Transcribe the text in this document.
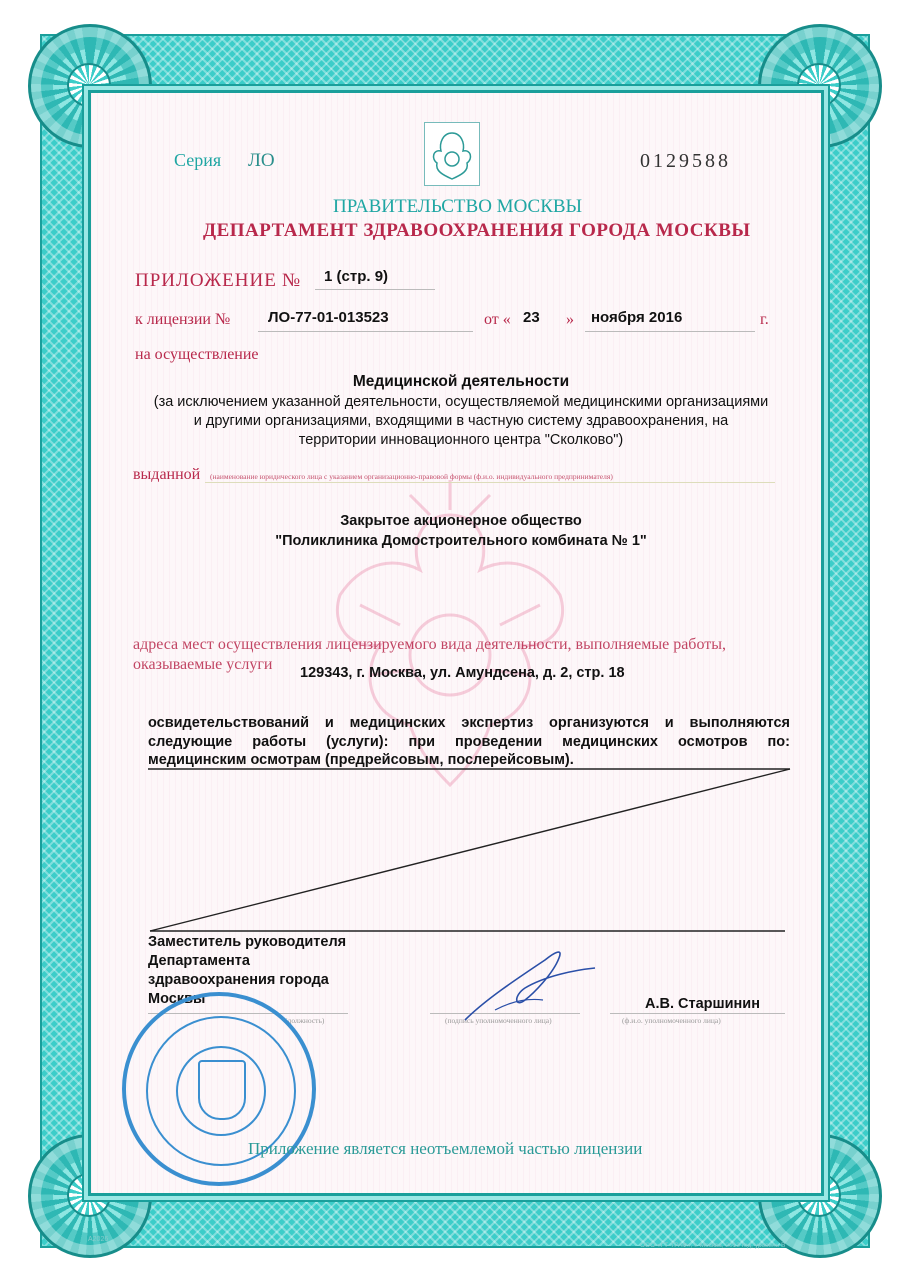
Серия ЛО	0129588
ПРАВИТЕЛЬСТВО МОСКВЫ
ДЕПАРТАМЕНТ ЗДРАВООХРАНЕНИЯ ГОРОДА МОСКВЫ
ПРИЛОЖЕНИЕ № 1 (стр. 9)
к лицензии №	ЛО-77-01-013523	от « 23 » ноября 2016	г.
на осуществление
Медицинской деятельности
(за исключением указанной деятельности, осуществляемой медицинскими организациями
и другими организациями, входящими в частную систему здравоохранения, на
территории инновационного центра "Сколково")
выданной (наименование юридического лица с указанием организационно-правовой формы (ф.и.о. индивидуального предпринимателя)
Закрытое акционерное общество
"Поликлиника Домостроительного комбината № 1"
адреса мест осуществления лицензируемого вида деятельности, выполняемые работы,
оказываемые услуги 129343, г. Москва, ул. Амундсена, д. 2, стр. 18
освидетельствований и медицинских экспертиз организуются и выполняются
следующие работы (услуги): при проведении медицинских осмотров по:
медицинским осмотрам (предрейсовым, послерейсовым).
Заместитель руководителя
Департамента
здравоохранения города
Москвы	А.В. Старшинин
(должность)	(подпись уполномоченного лица)	(ф.и.о. уполномоченного лица)
Приложение является неотъемлемой частью лицензии
А2026
ООО «ГТ-ТРАФ», г. Москва, 2013 год, уровень В
